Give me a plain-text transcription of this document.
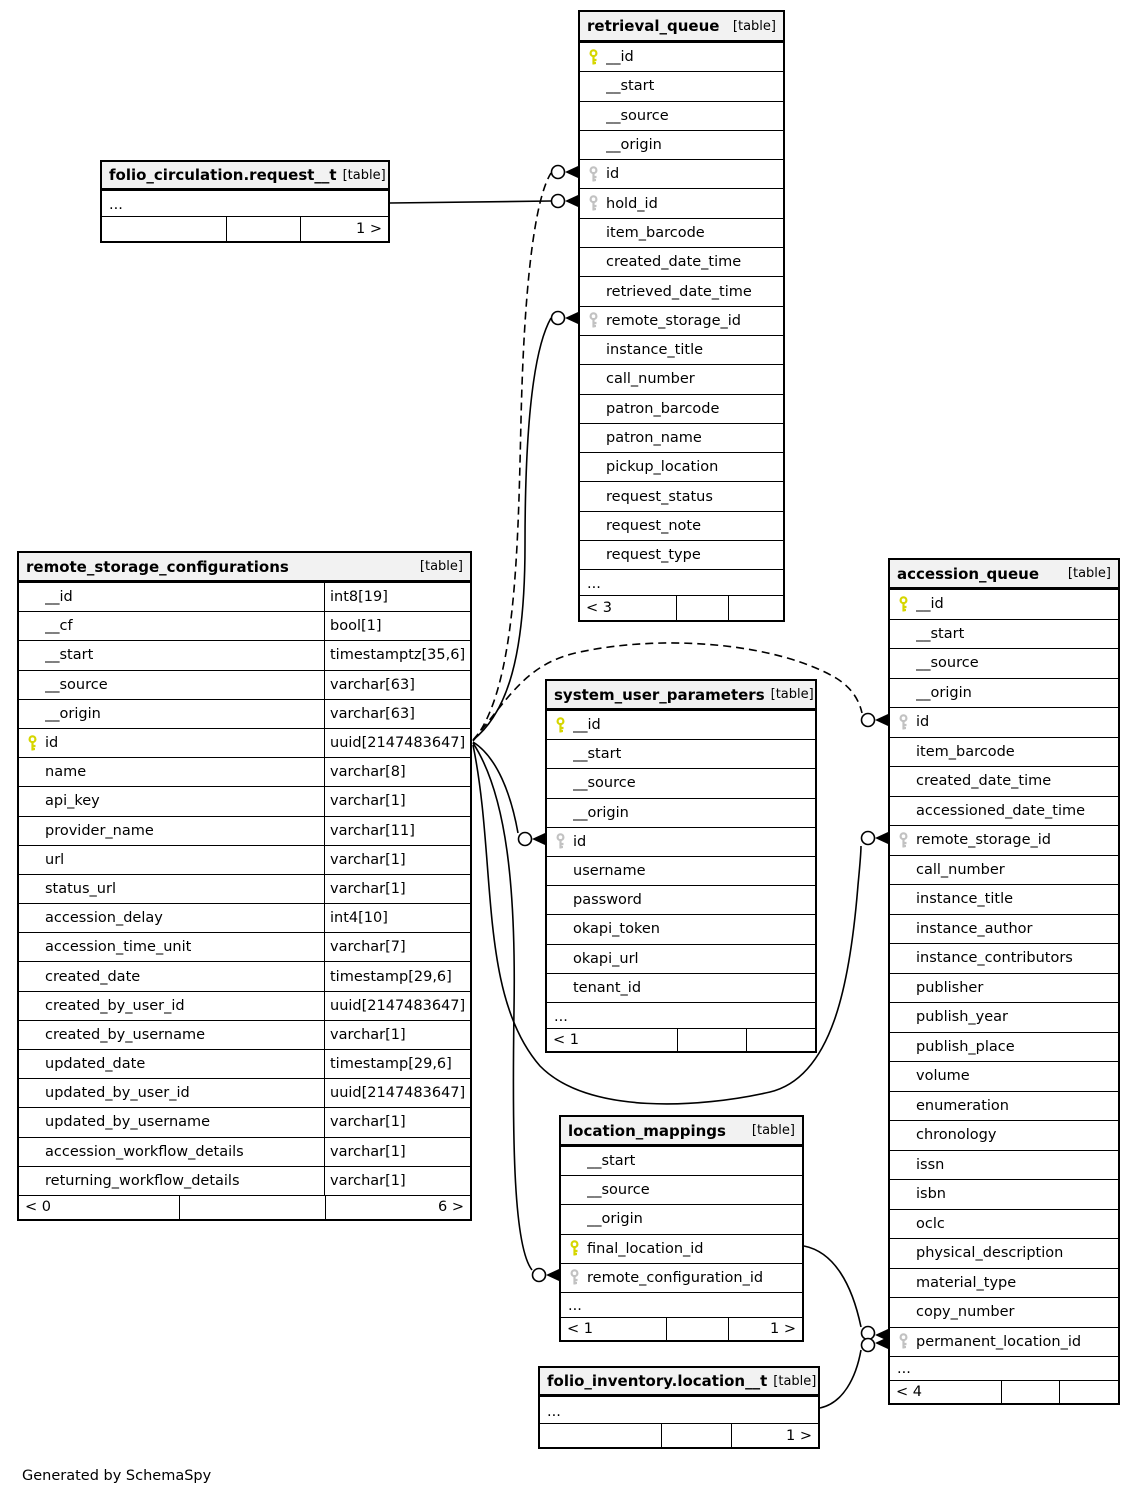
retrieval_queue [table]
__id
__start
__source
__origin
id
hold_id
item_barcode
created_date_time
retrieved_date_time
remote_storage_id
instance_title
call_number
patron_barcode
patron_name
pickup_location
request_status
request_note
request_type
...
< 3
folio_circulation.request__t [table]
...
1 >
remote_storage_configurations	[table]
__id	int8[19]
__cf	bool[1]
__start	timestamptz[35,6]
__source	varchar[63]
__origin	varchar[63]
id	uuid[2147483647]
name	varchar[8]
api_key	varchar[1]
provider_name	varchar[11]
url	varchar[1]
status_url	varchar[1]
accession_delay	int4[10]
accession_time_unit	varchar[7]
created_date	timestamp[29,6]
created_by_user_id	uuid[2147483647]
created_by_username	varchar[1]
updated_date	timestamp[29,6]
updated_by_user_id	uuid[2147483647]
updated_by_username	varchar[1]
accession_workflow_details	varchar[1]
returning_workflow_details	varchar[1]
< 0	6 >
system_user_parameters [table]
__id
__start
__source
__origin
id
username
password
okapi_token
okapi_url
tenant_id
...
< 1
accession_queue [table]
__id
__start
__source
__origin
id
item_barcode
created_date_time
accessioned_date_time
remote_storage_id
call_number
instance_title
instance_author
instance_contributors
publisher
publish_year
publish_place
volume
enumeration
chronology
issn
isbn
oclc
physical_description
material_type
copy_number
permanent_location_id
...
< 4
location_mappings [table]
__start
__source
__origin
final_location_id
remote_configuration_id
...
< 1	1 >
folio_inventory.location__t [table]
...
1 >
Generated by SchemaSpy
